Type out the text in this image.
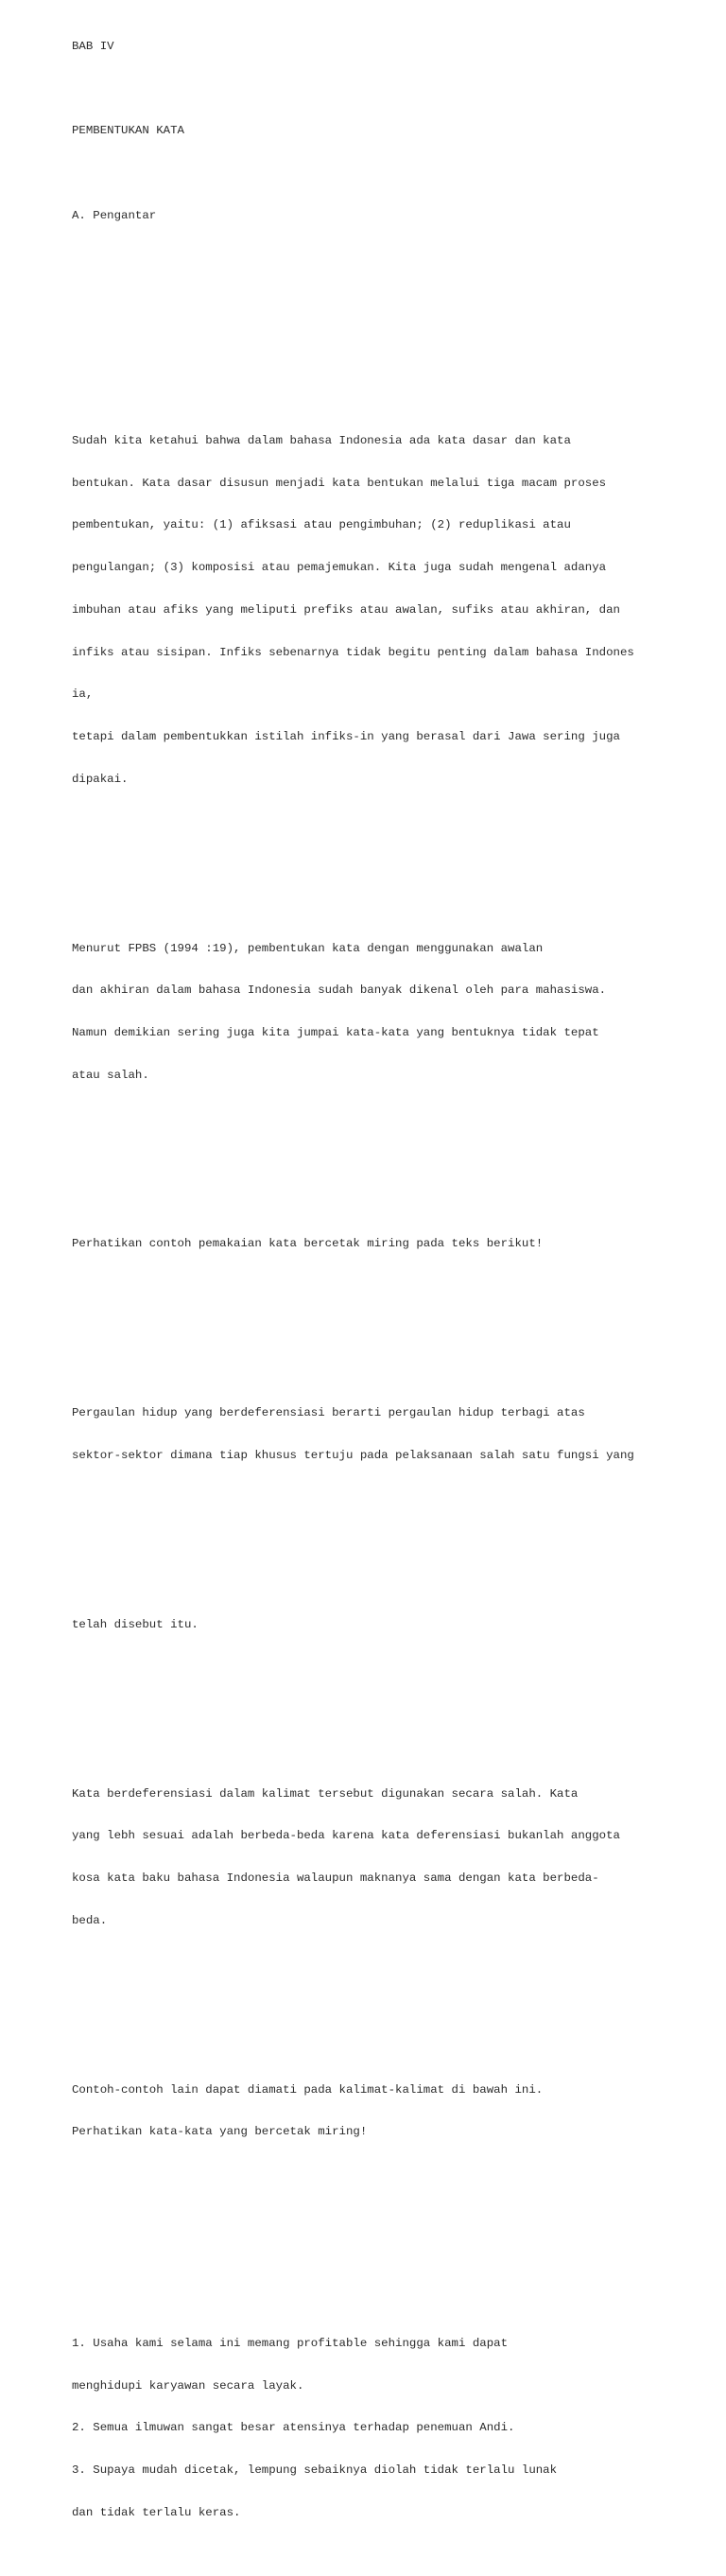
BAB IV

PEMBENTUKAN KATA

A. Pengantar

Sudah kita ketahui bahwa dalam bahasa Indonesia ada kata dasar dan kata

bentukan. Kata dasar disusun menjadi kata bentukan melalui tiga macam proses

pembentukan, yaitu: (1) afiksasi atau pengimbuhan; (2) reduplikasi atau

pengulangan; (3) komposisi atau pemajemukan. Kita juga sudah mengenal adanya

imbuhan atau afiks yang meliputi prefiks atau awalan, sufiks atau akhiran, dan

infiks atau sisipan. Infiks sebenarnya tidak begitu penting dalam bahasa Indones

ia,

tetapi dalam pembentukkan istilah infiks-in yang berasal dari Jawa sering juga

dipakai.

Menurut FPBS (1994 :19), pembentukan kata dengan menggunakan awalan

dan akhiran dalam bahasa Indonesia sudah banyak dikenal oleh para mahasiswa.

Namun demikian sering juga kita jumpai kata-kata yang bentuknya tidak tepat

atau salah.

Perhatikan contoh pemakaian kata bercetak miring pada teks berikut!

Pergaulan hidup yang berdeferensiasi berarti pergaulan hidup terbagi atas

sektor-sektor dimana tiap khusus tertuju pada pelaksanaan salah satu fungsi yang

telah disebut itu.

Kata berdeferensiasi dalam kalimat tersebut digunakan secara salah. Kata

yang lebh sesuai adalah berbeda-beda karena kata deferensiasi bukanlah anggota

kosa kata baku bahasa Indonesia walaupun maknanya sama dengan kata berbeda-

beda.

Contoh-contoh lain dapat diamati pada kalimat-kalimat di bawah ini.

Perhatikan kata-kata yang bercetak miring!

1. Usaha kami selama ini memang profitable sehingga kami dapat

menghidupi karyawan secara layak.

2. Semua ilmuwan sangat besar atensinya terhadap penemuan Andi.

3. Supaya mudah dicetak, lempung sebaiknya diolah tidak terlalu lunak

dan tidak terlalu keras.
